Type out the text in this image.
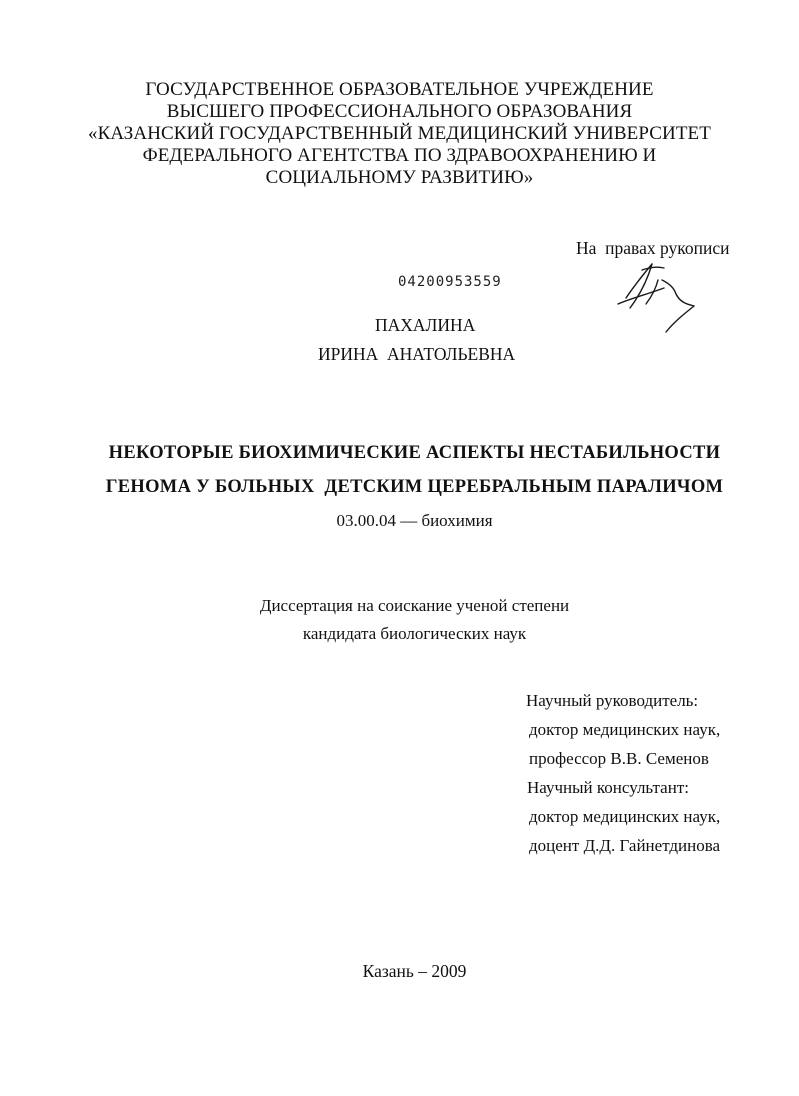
ГОСУДАРСТВЕННОЕ ОБРАЗОВАТЕЛЬНОЕ УЧРЕЖДЕНИЕ
ВЫСШЕГО ПРОФЕССИОНАЛЬНОГО ОБРАЗОВАНИЯ
«КАЗАНСКИЙ ГОСУДАРСТВЕННЫЙ МЕДИЦИНСКИЙ УНИВЕРСИТЕТ
ФЕДЕРАЛЬНОГО АГЕНТСТВА ПО ЗДРАВООХРАНЕНИЮ И
СОЦИАЛЬНОМУ РАЗВИТИЮ»
На  правах рукописи
04200953559
ПАХАЛИНА
ИРИНА  АНАТОЛЬЕВНА
НЕКОТОРЫЕ БИОХИМИЧЕСКИЕ АСПЕКТЫ НЕСТАБИЛЬНОСТИ
ГЕНОМА У БОЛЬНЫХ  ДЕТСКИМ ЦЕРЕБРАЛЬНЫМ ПАРАЛИЧОМ
03.00.04 — биохимия
Диссертация на соискание ученой степени
кандидата биологических наук
Научный руководитель:
доктор медицинских наук,
профессор В.В. Семенов
Научный консультант:
доктор медицинских наук,
доцент Д.Д. Гайнетдинова
Казань – 2009
